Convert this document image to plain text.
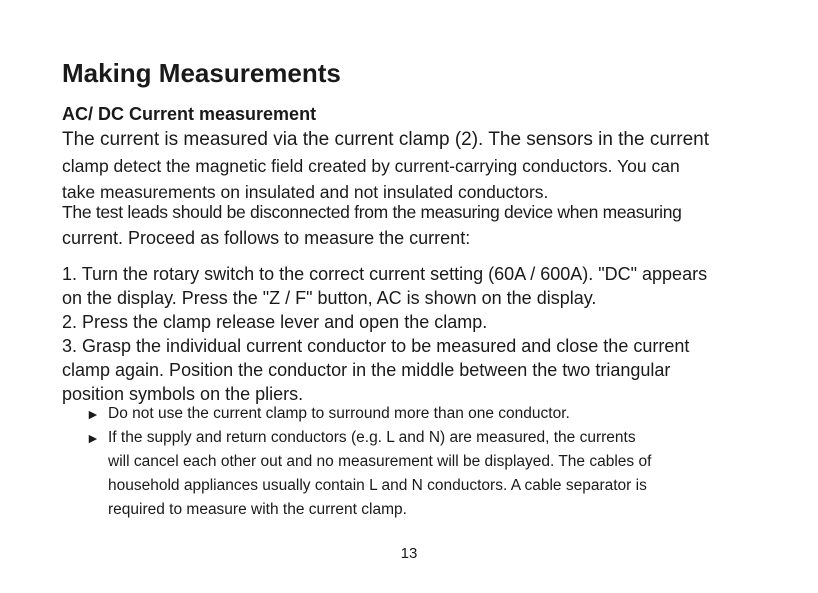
Making Measurements
AC/ DC Current measurement
The current is measured via the current clamp (2). The sensors in the current
clamp detect the magnetic field created by current-carrying conductors. You can
take measurements on insulated and not insulated conductors.
The test leads should be disconnected from the measuring device when measuring
current. Proceed as follows to measure the current:
1. Turn the rotary switch to the correct current setting (60A / 600A). "DC" appears
on the display. Press the "Z / F" button, AC is shown on the display.
2. Press the clamp release lever and open the clamp.
3. Grasp the individual current conductor to be measured and close the current
clamp again. Position the conductor in the middle between the two triangular
position symbols on the pliers.
► Do not use the current clamp to surround more than one conductor.
► If the supply and return conductors (e.g. L and N) are measured, the currents
will cancel each other out and no measurement will be displayed. The cables of
household appliances usually contain L and N conductors. A cable separator is
required to measure with the current clamp.
13
